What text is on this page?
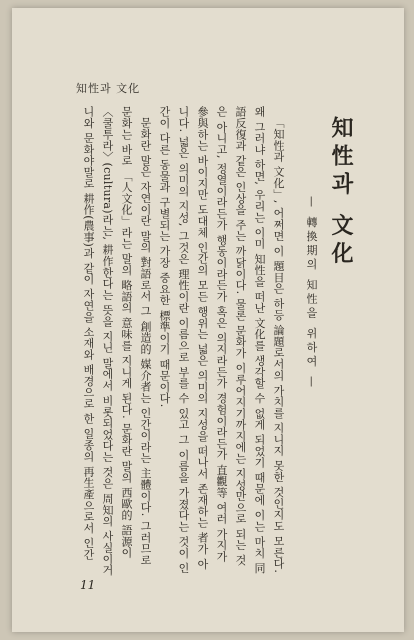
知性과 文化
知性과 文化
— 轉換期의 知性을 위하여 —

「知性과 文化」, 어쩌면 이 題目은 하등 論題로서의 가치를 지니지 못한 것인지도 모른다. 왜 그러냐 하면, 우리는 이미 知性을 떠난 文化를 생각할 수 없게 되었기 때문에 이는 마치 同語反復과 같은 인상을 주는 까닭이다. 물론 문화가 이루어지기까지에는 지성만으로 되는 것은 아니고, 정열이라든가 행동이라든가 혹은 의지라든가 경험이라든가 直觀等 여러 가지가 參與하는 바이지만 도대체 인간의 모든 행위는 넓은 의미의 지성을 떠나서 존재하는 者가 아니다. 넓은 의미의 지성, 그것은 理性이란 이름으로 부를 수 있고 그 이름을 가졌다는 것이 인간이 다른 동물과 구별되는 가장 중요한 標準이기 때문이다.

문화란 말은 자연이란 말의 對語로서 그 創造的 媒介者는 인간이라는 主體이다. 그러므로 문화는 바로 「人文化」라는 말의 略語의 意味를 지니게 된다. 문화란 말의 西歐的 語源이 〈쿨투라〉(cultura)라는, 耕作한다는 뜻을 지닌 말에서 비롯되었다는 것은 周知의 사실이거니와 문화야말로 耕作(農事)과 같이 자연을 소재와 배경으로 한 일종의 再生產으로서 인간

11
